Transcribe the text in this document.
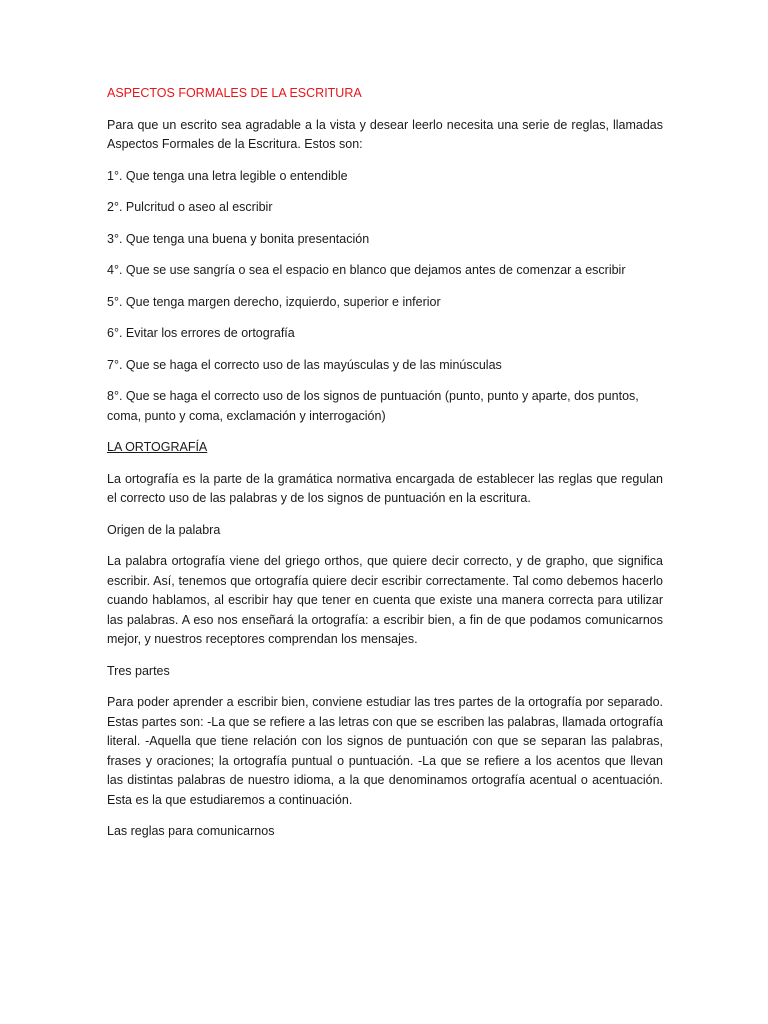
ASPECTOS FORMALES DE LA ESCRITURA
Para que un escrito sea agradable a la vista y desear leerlo necesita una serie de reglas, llamadas Aspectos Formales de la Escritura. Estos son:
1°. Que tenga una letra legible o entendible
2°. Pulcritud o aseo al escribir
3°. Que tenga una buena y bonita presentación
4°. Que se use sangría o sea el espacio en blanco que dejamos antes de comenzar a escribir
5°. Que tenga margen derecho, izquierdo, superior e inferior
6°. Evitar los errores de ortografía
7°. Que se haga el correcto uso de las mayúsculas y de las minúsculas
8°. Que se haga el correcto uso de los signos de puntuación (punto, punto y aparte, dos puntos, coma, punto y coma, exclamación y interrogación)
LA ORTOGRAFÍA
La ortografía es la parte de la gramática normativa encargada de establecer las reglas que regulan el correcto uso de las palabras y de los signos de puntuación en la escritura.
Origen de la palabra
La palabra ortografía viene del griego orthos, que quiere decir correcto, y de grapho, que significa escribir. Así, tenemos que ortografía quiere decir escribir correctamente. Tal como debemos hacerlo cuando hablamos, al escribir hay que tener en cuenta que existe una manera correcta para utilizar las palabras. A eso nos enseñará la ortografía: a escribir bien, a fin de que podamos comunicarnos mejor, y nuestros receptores comprendan los mensajes.
Tres partes
Para poder aprender a escribir bien, conviene estudiar las tres partes de la ortografía por separado. Estas partes son: -La que se refiere a las letras con que se escriben las palabras, llamada ortografía literal. -Aquella que tiene relación con los signos de puntuación con que se separan las palabras, frases y oraciones; la ortografía puntual o puntuación. -La que se refiere a los acentos que llevan las distintas palabras de nuestro idioma, a la que denominamos ortografía acentual o acentuación. Esta es la que estudiaremos a continuación.
Las reglas para comunicarnos
